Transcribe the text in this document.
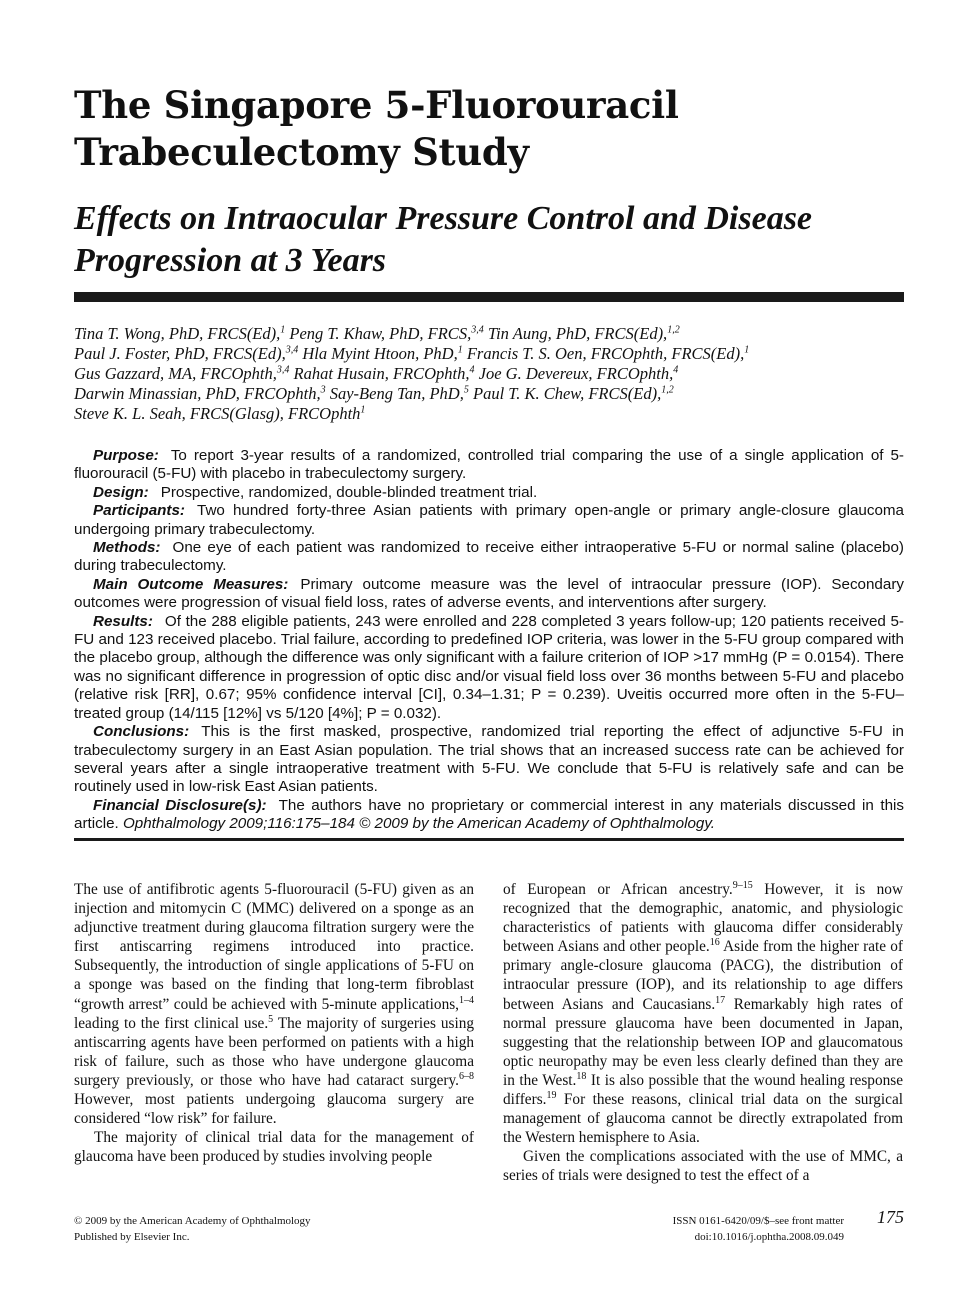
The Singapore 5-Fluorouracil
Trabeculectomy Study
Effects on Intraocular Pressure Control and Disease
Progression at 3 Years
Tina T. Wong, PhD, FRCS(Ed),$^1$ Peng T. Khaw, PhD, FRCS,$^{3,4}$ Tin Aung, PhD, FRCS(Ed),$^{1,2}$
Paul J. Foster, PhD, FRCS(Ed),$^{3,4}$ Hla Myint Htoon, PhD,$^1$ Francis T. S. Oen, FRCOphth, FRCS(Ed),$^1$
Gus Gazzard, MA, FRCOphth,$^{3,4}$ Rahat Husain, FRCOphth,$^4$ Joe G. Devereux, FRCOphth,$^4$
Darwin Minassian, PhD, FRCOphth,$^3$ Say-Beng Tan, PhD,$^5$ Paul T. K. Chew, FRCS(Ed),$^{1,2}$
Steve K. L. Seah, FRCS(Glasg), FRCOphth$^1$

Purpose: To report 3-year results of a randomized, controlled trial comparing the use of a single application of 5-fluorouracil (5-FU) with placebo in trabeculectomy surgery.

Design: Prospective, randomized, double-blinded treatment trial.

Participants: Two hundred forty-three Asian patients with primary open-angle or primary angle-closure glaucoma undergoing primary trabeculectomy.

Methods: One eye of each patient was randomized to receive either intraoperative 5-FU or normal saline (placebo) during trabeculectomy.

Main Outcome Measures: Primary outcome measure was the level of intraocular pressure (IOP). Secondary outcomes were progression of visual field loss, rates of adverse events, and interventions after surgery.

Results: Of the 288 eligible patients, 243 were enrolled and 228 completed 3 years follow-up; 120 patients received 5-FU and 123 received placebo. Trial failure, according to predefined IOP criteria, was lower in the 5-FU group compared with the placebo group, although the difference was only significant with a failure criterion of IOP >17 mmHg (P = 0.0154). There was no significant difference in progression of optic disc and/or visual field loss over 36 months between 5-FU and placebo (relative risk [RR], 0.67; 95% confidence interval [CI], 0.34–1.31; P = 0.239). Uveitis occurred more often in the 5-FU–treated group (14/115 [12%] vs 5/120 [4%]; P = 0.032).

Conclusions: This is the first masked, prospective, randomized trial reporting the effect of adjunctive 5-FU in trabeculectomy surgery in an East Asian population. The trial shows that an increased success rate can be achieved for several years after a single intraoperative treatment with 5-FU. We conclude that 5-FU is relatively safe and can be routinely used in low-risk East Asian patients.

Financial Disclosure(s): The authors have no proprietary or commercial interest in any materials discussed in this article. Ophthalmology 2009;116:175–184 © 2009 by the American Academy of Ophthalmology.

The use of antifibrotic agents 5-fluorouracil (5-FU) given as an injection and mitomycin C (MMC) delivered on a sponge as an adjunctive treatment during glaucoma filtration surgery were the first antiscarring regimens introduced into practice. Subsequently, the introduction of single applications of 5-FU on a sponge was based on the finding that long-term fibroblast “growth arrest” could be achieved with 5-minute applications,$^{1-4}$ leading to the first clinical use.$^5$ The majority of surgeries using antiscarring agents have been performed on patients with a high risk of failure, such as those who have undergone glaucoma surgery previously, or those who have had cataract surgery.$^{6-8}$ However, most patients undergoing glaucoma surgery are considered “low risk” for failure.

The majority of clinical trial data for the management of glaucoma have been produced by studies involving people

of European or African ancestry.$^{9-15}$ However, it is now recognized that the demographic, anatomic, and physiologic characteristics of patients with glaucoma differ considerably between Asians and other people.$^{16}$ Aside from the higher rate of primary angle-closure glaucoma (PACG), the distribution of intraocular pressure (IOP), and its relationship to age differs between Asians and Caucasians.$^{17}$ Remarkably high rates of normal pressure glaucoma have been documented in Japan, suggesting that the relationship between IOP and glaucomatous optic neuropathy may be even less clearly defined than they are in the West.$^{18}$ It is also possible that the wound healing response differs.$^{19}$ For these reasons, clinical trial data on the surgical management of glaucoma cannot be directly extrapolated from the Western hemisphere to Asia.

Given the complications associated with the use of MMC, a series of trials were designed to test the effect of a

© 2009 by the American Academy of Ophthalmology
Published by Elsevier Inc.
ISSN 0161-6420/09/$–see front matter
doi:10.1016/j.ophtha.2008.09.049
175
